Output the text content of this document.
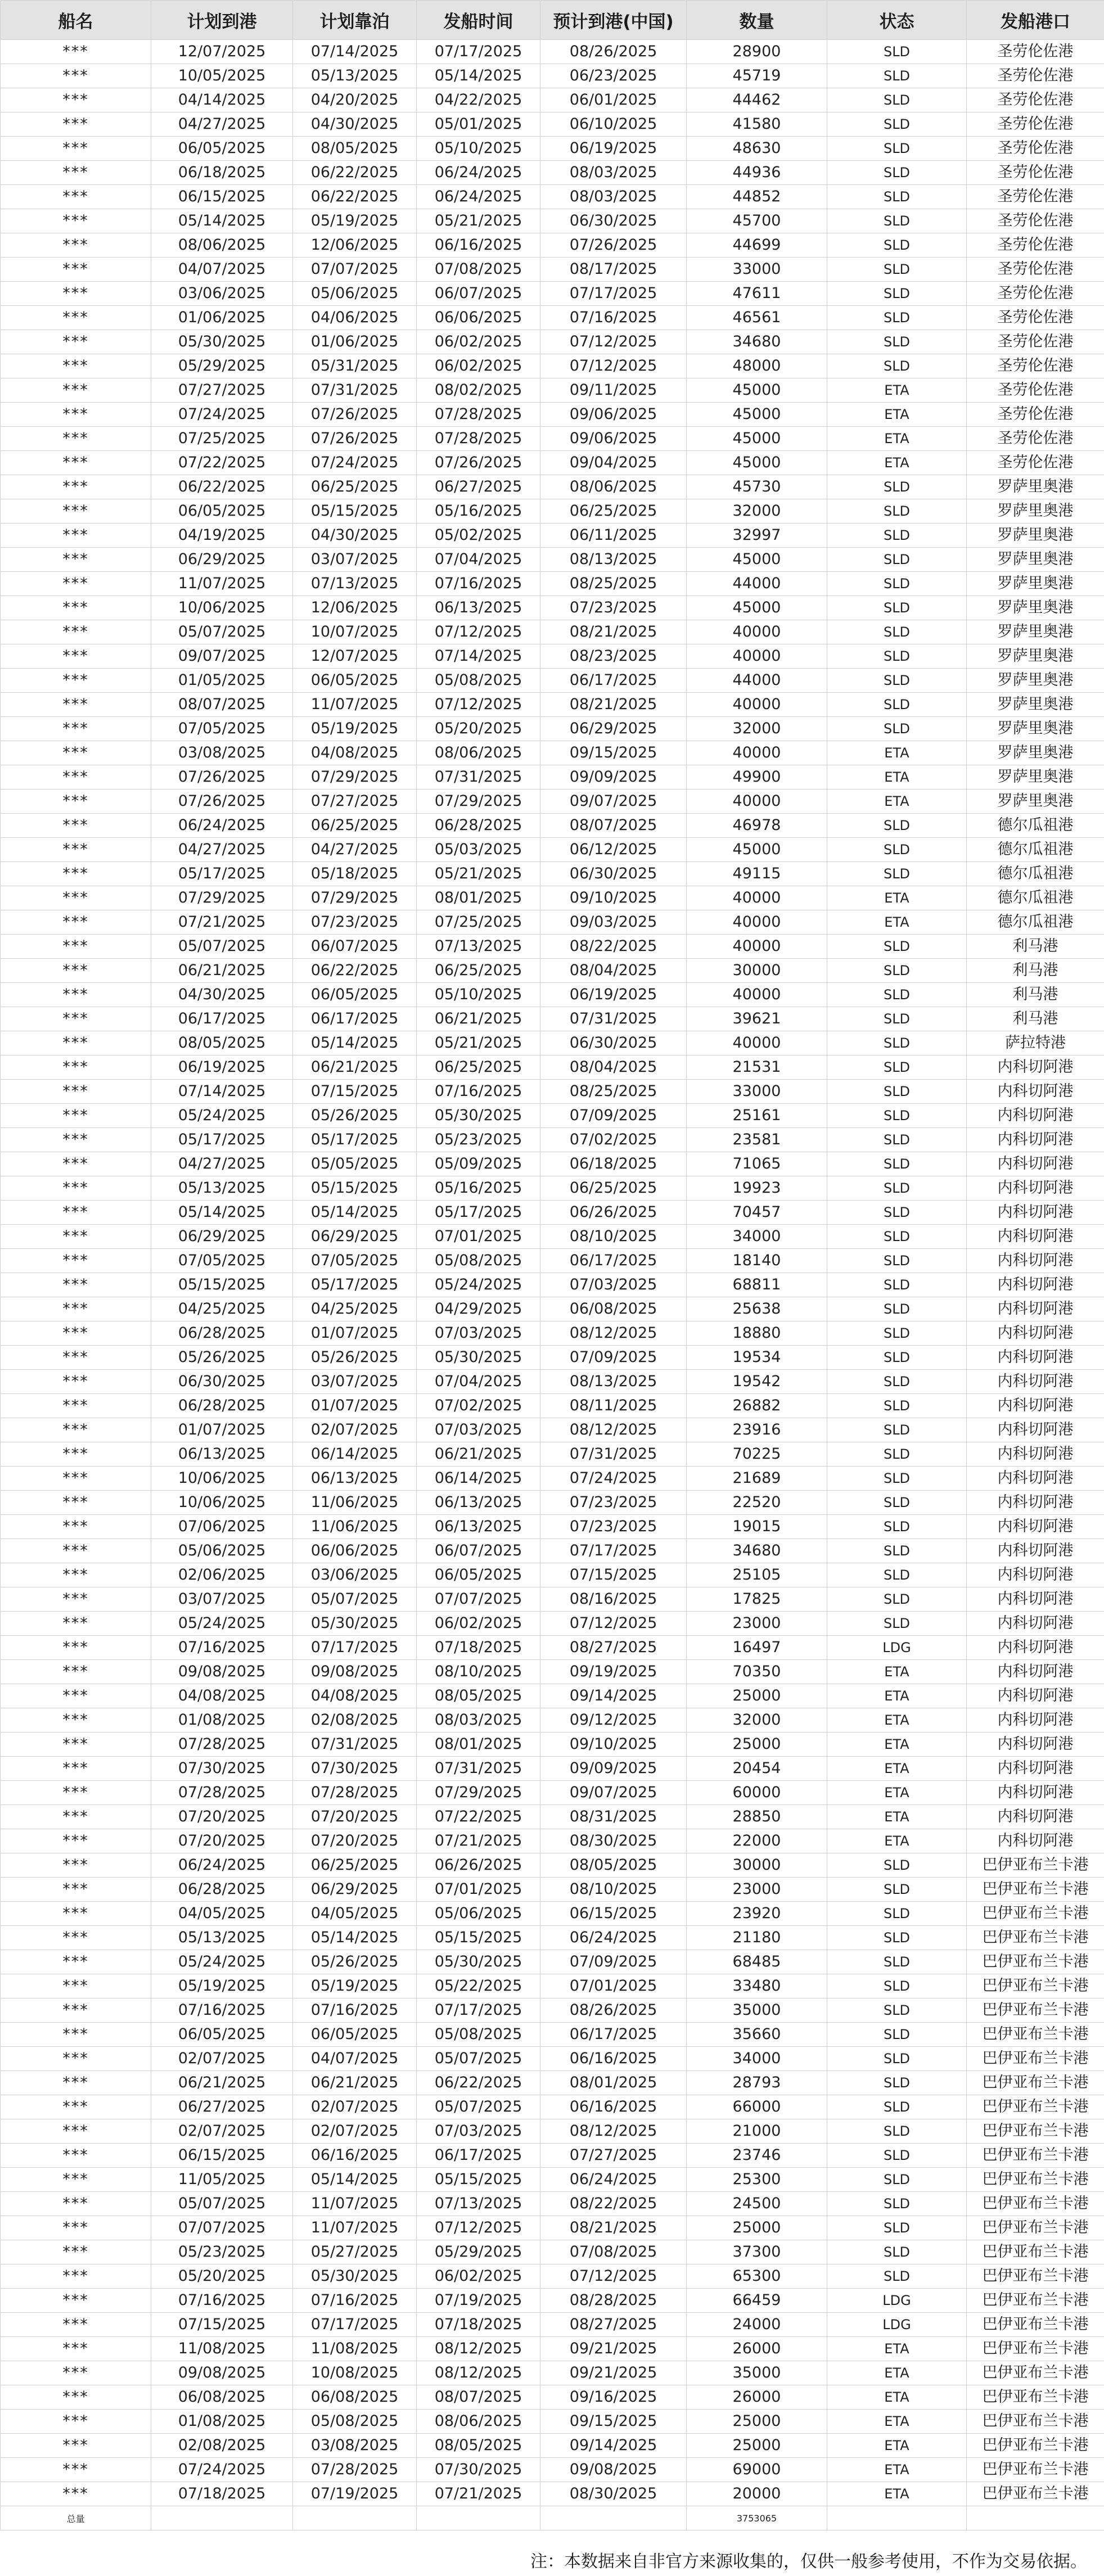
船名	计划到港	计划靠泊	发船时间	预计到港(中国)	数量	状态	发船港口
***	12/07/2025	07/14/2025	07/17/2025	08/26/2025	28900	SLD	圣劳伦佐港
***	10/05/2025	05/13/2025	05/14/2025	06/23/2025	45719	SLD	圣劳伦佐港
***	04/14/2025	04/20/2025	04/22/2025	06/01/2025	44462	SLD	圣劳伦佐港
***	04/27/2025	04/30/2025	05/01/2025	06/10/2025	41580	SLD	圣劳伦佐港
***	06/05/2025	08/05/2025	05/10/2025	06/19/2025	48630	SLD	圣劳伦佐港
***	06/18/2025	06/22/2025	06/24/2025	08/03/2025	44936	SLD	圣劳伦佐港
***	06/15/2025	06/22/2025	06/24/2025	08/03/2025	44852	SLD	圣劳伦佐港
***	05/14/2025	05/19/2025	05/21/2025	06/30/2025	45700	SLD	圣劳伦佐港
***	08/06/2025	12/06/2025	06/16/2025	07/26/2025	44699	SLD	圣劳伦佐港
***	04/07/2025	07/07/2025	07/08/2025	08/17/2025	33000	SLD	圣劳伦佐港
***	03/06/2025	05/06/2025	06/07/2025	07/17/2025	47611	SLD	圣劳伦佐港
***	01/06/2025	04/06/2025	06/06/2025	07/16/2025	46561	SLD	圣劳伦佐港
***	05/30/2025	01/06/2025	06/02/2025	07/12/2025	34680	SLD	圣劳伦佐港
***	05/29/2025	05/31/2025	06/02/2025	07/12/2025	48000	SLD	圣劳伦佐港
***	07/27/2025	07/31/2025	08/02/2025	09/11/2025	45000	ETA	圣劳伦佐港
***	07/24/2025	07/26/2025	07/28/2025	09/06/2025	45000	ETA	圣劳伦佐港
***	07/25/2025	07/26/2025	07/28/2025	09/06/2025	45000	ETA	圣劳伦佐港
***	07/22/2025	07/24/2025	07/26/2025	09/04/2025	45000	ETA	圣劳伦佐港
***	06/22/2025	06/25/2025	06/27/2025	08/06/2025	45730	SLD	罗萨里奥港
***	06/05/2025	05/15/2025	05/16/2025	06/25/2025	32000	SLD	罗萨里奥港
***	04/19/2025	04/30/2025	05/02/2025	06/11/2025	32997	SLD	罗萨里奥港
***	06/29/2025	03/07/2025	07/04/2025	08/13/2025	45000	SLD	罗萨里奥港
***	11/07/2025	07/13/2025	07/16/2025	08/25/2025	44000	SLD	罗萨里奥港
***	10/06/2025	12/06/2025	06/13/2025	07/23/2025	45000	SLD	罗萨里奥港
***	05/07/2025	10/07/2025	07/12/2025	08/21/2025	40000	SLD	罗萨里奥港
***	09/07/2025	12/07/2025	07/14/2025	08/23/2025	40000	SLD	罗萨里奥港
***	01/05/2025	06/05/2025	05/08/2025	06/17/2025	44000	SLD	罗萨里奥港
***	08/07/2025	11/07/2025	07/12/2025	08/21/2025	40000	SLD	罗萨里奥港
***	07/05/2025	05/19/2025	05/20/2025	06/29/2025	32000	SLD	罗萨里奥港
***	03/08/2025	04/08/2025	08/06/2025	09/15/2025	40000	ETA	罗萨里奥港
***	07/26/2025	07/29/2025	07/31/2025	09/09/2025	49900	ETA	罗萨里奥港
***	07/26/2025	07/27/2025	07/29/2025	09/07/2025	40000	ETA	罗萨里奥港
***	06/24/2025	06/25/2025	06/28/2025	08/07/2025	46978	SLD	德尔瓜祖港
***	04/27/2025	04/27/2025	05/03/2025	06/12/2025	45000	SLD	德尔瓜祖港
***	05/17/2025	05/18/2025	05/21/2025	06/30/2025	49115	SLD	德尔瓜祖港
***	07/29/2025	07/29/2025	08/01/2025	09/10/2025	40000	ETA	德尔瓜祖港
***	07/21/2025	07/23/2025	07/25/2025	09/03/2025	40000	ETA	德尔瓜祖港
***	05/07/2025	06/07/2025	07/13/2025	08/22/2025	40000	SLD	利马港
***	06/21/2025	06/22/2025	06/25/2025	08/04/2025	30000	SLD	利马港
***	04/30/2025	06/05/2025	05/10/2025	06/19/2025	40000	SLD	利马港
***	06/17/2025	06/17/2025	06/21/2025	07/31/2025	39621	SLD	利马港
***	08/05/2025	05/14/2025	05/21/2025	06/30/2025	40000	SLD	萨拉特港
***	06/19/2025	06/21/2025	06/25/2025	08/04/2025	21531	SLD	内科切阿港
***	07/14/2025	07/15/2025	07/16/2025	08/25/2025	33000	SLD	内科切阿港
***	05/24/2025	05/26/2025	05/30/2025	07/09/2025	25161	SLD	内科切阿港
***	05/17/2025	05/17/2025	05/23/2025	07/02/2025	23581	SLD	内科切阿港
***	04/27/2025	05/05/2025	05/09/2025	06/18/2025	71065	SLD	内科切阿港
***	05/13/2025	05/15/2025	05/16/2025	06/25/2025	19923	SLD	内科切阿港
***	05/14/2025	05/14/2025	05/17/2025	06/26/2025	70457	SLD	内科切阿港
***	06/29/2025	06/29/2025	07/01/2025	08/10/2025	34000	SLD	内科切阿港
***	07/05/2025	07/05/2025	05/08/2025	06/17/2025	18140	SLD	内科切阿港
***	05/15/2025	05/17/2025	05/24/2025	07/03/2025	68811	SLD	内科切阿港
***	04/25/2025	04/25/2025	04/29/2025	06/08/2025	25638	SLD	内科切阿港
***	06/28/2025	01/07/2025	07/03/2025	08/12/2025	18880	SLD	内科切阿港
***	05/26/2025	05/26/2025	05/30/2025	07/09/2025	19534	SLD	内科切阿港
***	06/30/2025	03/07/2025	07/04/2025	08/13/2025	19542	SLD	内科切阿港
***	06/28/2025	01/07/2025	07/02/2025	08/11/2025	26882	SLD	内科切阿港
***	01/07/2025	02/07/2025	07/03/2025	08/12/2025	23916	SLD	内科切阿港
***	06/13/2025	06/14/2025	06/21/2025	07/31/2025	70225	SLD	内科切阿港
***	10/06/2025	06/13/2025	06/14/2025	07/24/2025	21689	SLD	内科切阿港
***	10/06/2025	11/06/2025	06/13/2025	07/23/2025	22520	SLD	内科切阿港
***	07/06/2025	11/06/2025	06/13/2025	07/23/2025	19015	SLD	内科切阿港
***	05/06/2025	06/06/2025	06/07/2025	07/17/2025	34680	SLD	内科切阿港
***	02/06/2025	03/06/2025	06/05/2025	07/15/2025	25105	SLD	内科切阿港
***	03/07/2025	05/07/2025	07/07/2025	08/16/2025	17825	SLD	内科切阿港
***	05/24/2025	05/30/2025	06/02/2025	07/12/2025	23000	SLD	内科切阿港
***	07/16/2025	07/17/2025	07/18/2025	08/27/2025	16497	LDG	内科切阿港
***	09/08/2025	09/08/2025	08/10/2025	09/19/2025	70350	ETA	内科切阿港
***	04/08/2025	04/08/2025	08/05/2025	09/14/2025	25000	ETA	内科切阿港
***	01/08/2025	02/08/2025	08/03/2025	09/12/2025	32000	ETA	内科切阿港
***	07/28/2025	07/31/2025	08/01/2025	09/10/2025	25000	ETA	内科切阿港
***	07/30/2025	07/30/2025	07/31/2025	09/09/2025	20454	ETA	内科切阿港
***	07/28/2025	07/28/2025	07/29/2025	09/07/2025	60000	ETA	内科切阿港
***	07/20/2025	07/20/2025	07/22/2025	08/31/2025	28850	ETA	内科切阿港
***	07/20/2025	07/20/2025	07/21/2025	08/30/2025	22000	ETA	内科切阿港
***	06/24/2025	06/25/2025	06/26/2025	08/05/2025	30000	SLD	巴伊亚布兰卡港
***	06/28/2025	06/29/2025	07/01/2025	08/10/2025	23000	SLD	巴伊亚布兰卡港
***	04/05/2025	04/05/2025	05/06/2025	06/15/2025	23920	SLD	巴伊亚布兰卡港
***	05/13/2025	05/14/2025	05/15/2025	06/24/2025	21180	SLD	巴伊亚布兰卡港
***	05/24/2025	05/26/2025	05/30/2025	07/09/2025	68485	SLD	巴伊亚布兰卡港
***	05/19/2025	05/19/2025	05/22/2025	07/01/2025	33480	SLD	巴伊亚布兰卡港
***	07/16/2025	07/16/2025	07/17/2025	08/26/2025	35000	SLD	巴伊亚布兰卡港
***	06/05/2025	06/05/2025	05/08/2025	06/17/2025	35660	SLD	巴伊亚布兰卡港
***	02/07/2025	04/07/2025	05/07/2025	06/16/2025	34000	SLD	巴伊亚布兰卡港
***	06/21/2025	06/21/2025	06/22/2025	08/01/2025	28793	SLD	巴伊亚布兰卡港
***	06/27/2025	02/07/2025	05/07/2025	06/16/2025	66000	SLD	巴伊亚布兰卡港
***	02/07/2025	02/07/2025	07/03/2025	08/12/2025	21000	SLD	巴伊亚布兰卡港
***	06/15/2025	06/16/2025	06/17/2025	07/27/2025	23746	SLD	巴伊亚布兰卡港
***	11/05/2025	05/14/2025	05/15/2025	06/24/2025	25300	SLD	巴伊亚布兰卡港
***	05/07/2025	11/07/2025	07/13/2025	08/22/2025	24500	SLD	巴伊亚布兰卡港
***	07/07/2025	11/07/2025	07/12/2025	08/21/2025	25000	SLD	巴伊亚布兰卡港
***	05/23/2025	05/27/2025	05/29/2025	07/08/2025	37300	SLD	巴伊亚布兰卡港
***	05/20/2025	05/30/2025	06/02/2025	07/12/2025	65300	SLD	巴伊亚布兰卡港
***	07/16/2025	07/16/2025	07/19/2025	08/28/2025	66459	LDG	巴伊亚布兰卡港
***	07/15/2025	07/17/2025	07/18/2025	08/27/2025	24000	LDG	巴伊亚布兰卡港
***	11/08/2025	11/08/2025	08/12/2025	09/21/2025	26000	ETA	巴伊亚布兰卡港
***	09/08/2025	10/08/2025	08/12/2025	09/21/2025	35000	ETA	巴伊亚布兰卡港
***	06/08/2025	06/08/2025	08/07/2025	09/16/2025	26000	ETA	巴伊亚布兰卡港
***	01/08/2025	05/08/2025	08/06/2025	09/15/2025	25000	ETA	巴伊亚布兰卡港
***	02/08/2025	03/08/2025	08/05/2025	09/14/2025	25000	ETA	巴伊亚布兰卡港
***	07/24/2025	07/28/2025	07/30/2025	09/08/2025	69000	ETA	巴伊亚布兰卡港
***	07/18/2025	07/19/2025	07/21/2025	08/30/2025	20000	ETA	巴伊亚布兰卡港
总量					3753065		
注：本数据来自非官方来源收集的，仅供一般参考使用，不作为交易依据。
